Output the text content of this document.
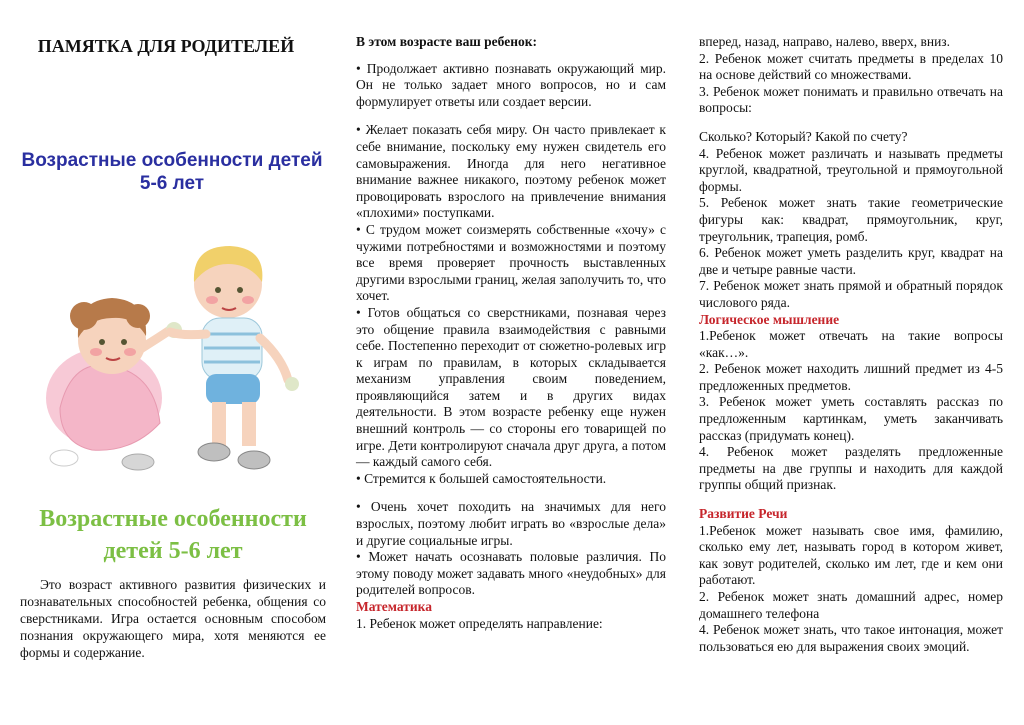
ПАМЯТКА ДЛЯ РОДИТЕЛЕЙ
Возрастные особенности детей 5-6 лет
Возрастные особенности детей 5-6 лет
Это возраст активного развития физических и познавательных способностей ребенка, общения со сверстниками. Игра остается основным способом познания окружающего мира, хотя меняются ее формы и содержание.

В этом возрасте ваш ребенок:

• Продолжает активно познавать окружающий мир. Он не только задает много вопросов, но и сам формулирует ответы или создает версии.

• Желает показать себя миру. Он часто привлекает к себе внимание, поскольку ему нужен свидетель его самовыражения. Иногда для него негативное внимание важнее никакого, поэтому ребенок может провоцировать взрослого на привлечение внимания «плохими» поступками.

• С трудом может соизмерять собственные «хочу» с чужими потребностями и возможностями и поэтому все время проверяет прочность выставленных другими взрослыми границ, желая заполучить то, что хочет.

• Готов общаться со сверстниками, познавая через это общение правила взаимодействия с равными себе. Постепенно переходит от сюжетно-ролевых игр к играм по правилам, в которых складывается механизм управления своим поведением, проявляющийся затем и в других видах деятельности. В этом возрасте ребенку еще нужен внешний контроль — со стороны его товарищей по игре. Дети контролируют сначала друг друга, а потом — каждый самого себя.

• Стремится к большей самостоятельности.

• Очень хочет походить на значимых для него взрослых, поэтому любит играть во «взрослые дела» и другие социальные игры.

• Может начать осознавать половые различия. По этому поводу может задавать много «неудобных» для родителей вопросов.

Математика

1. Ребенок может определять направление:

вперед, назад, направо, налево, вверх, вниз.

2. Ребенок может считать предметы в пределах 10 на основе действий со множествами.

3. Ребенок может понимать и правильно отвечать на вопросы:

Сколько? Который? Какой по счету?

4. Ребенок может различать и называть предметы круглой, квадратной, треугольной и прямоугольной формы.

5. Ребенок может знать такие геометрические фигуры как: квадрат, прямоугольник, круг, треугольник, трапеция, ромб.

6. Ребенок может уметь разделить круг, квадрат на две и четыре равные части.

7. Ребенок может знать прямой и обратный порядок числового ряда.

Логическое мышление

1.Ребенок может отвечать на такие вопросы «как…».

2. Ребенок может находить лишний предмет из 4-5 предложенных предметов.

3. Ребенок может уметь составлять рассказ по предложенным картинкам, уметь заканчивать рассказ (придумать конец).

4. Ребенок может разделять предложенные предметы на две группы и находить для каждой группы общий признак.

Развитие Речи

1.Ребенок может называть свое имя, фамилию, сколько ему лет, называть город в котором живет, как зовут родителей, сколько им лет, где и кем они работают.

2. Ребенок может знать домашний адрес, номер домашнего телефона

4. Ребенок может знать, что такое интонация, может пользоваться ею для выражения своих эмоций.
